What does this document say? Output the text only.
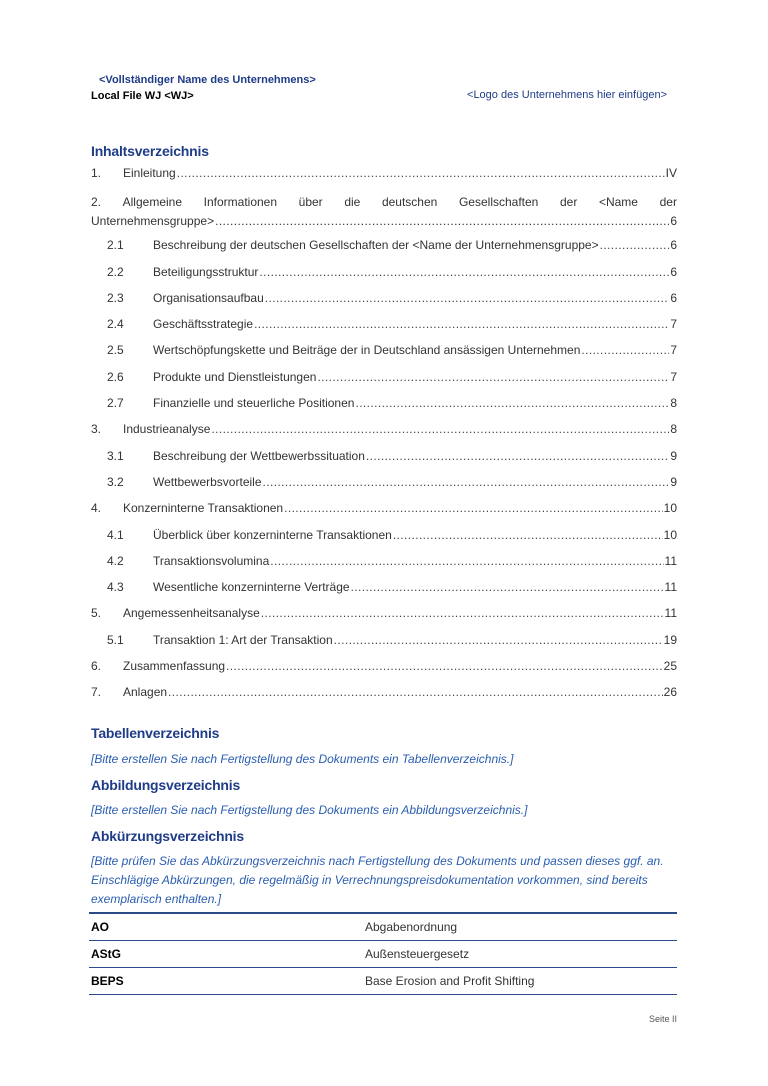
<Vollständiger Name des Unternehmens>
Local File WJ <WJ>	<Logo des Unternehmens hier einfügen>
Inhaltsverzeichnis
1.	Einleitung .....	IV
2. Allgemeine Informationen über die deutschen Gesellschaften der <Name der
Unternehmensgruppe> .....	6
2.1	Beschreibung der deutschen Gesellschaften der <Name der Unternehmensgruppe> .....	6
2.2	Beteiligungsstruktur .....	6
2.3	Organisationsaufbau .....	6
2.4	Geschäftsstrategie .....	7
2.5	Wertschöpfungskette und Beiträge der in Deutschland ansässigen Unternehmen .....	7
2.6	Produkte und Dienstleistungen .....	7
2.7	Finanzielle und steuerliche Positionen .....	8
3.	Industrieanalyse .....	8
3.1	Beschreibung der Wettbewerbssituation .....	9
3.2	Wettbewerbsvorteile .....	9
4.	Konzerninterne Transaktionen .....	10
4.1	Überblick über konzerninterne Transaktionen .....	10
4.2	Transaktionsvolumina .....	11
4.3	Wesentliche konzerninterne Verträge .....	11
5.	Angemessenheitsanalyse .....	11
5.1	Transaktion 1: Art der Transaktion .....	19
6.	Zusammenfassung .....	25
7.	Anlagen .....	26
Tabellenverzeichnis
[Bitte erstellen Sie nach Fertigstellung des Dokuments ein Tabellenverzeichnis.]
Abbildungsverzeichnis
[Bitte erstellen Sie nach Fertigstellung des Dokuments ein Abbildungsverzeichnis.]
Abkürzungsverzeichnis
[Bitte prüfen Sie das Abkürzungsverzeichnis nach Fertigstellung des Dokuments und passen dieses ggf. an. Einschlägige Abkürzungen, die regelmäßig in Verrechnungspreisdokumentation vorkommen, sind bereits exemplarisch enthalten.]
AO	Abgabenordnung
AStG	Außensteuergesetz
BEPS	Base Erosion and Profit Shifting
Seite II
